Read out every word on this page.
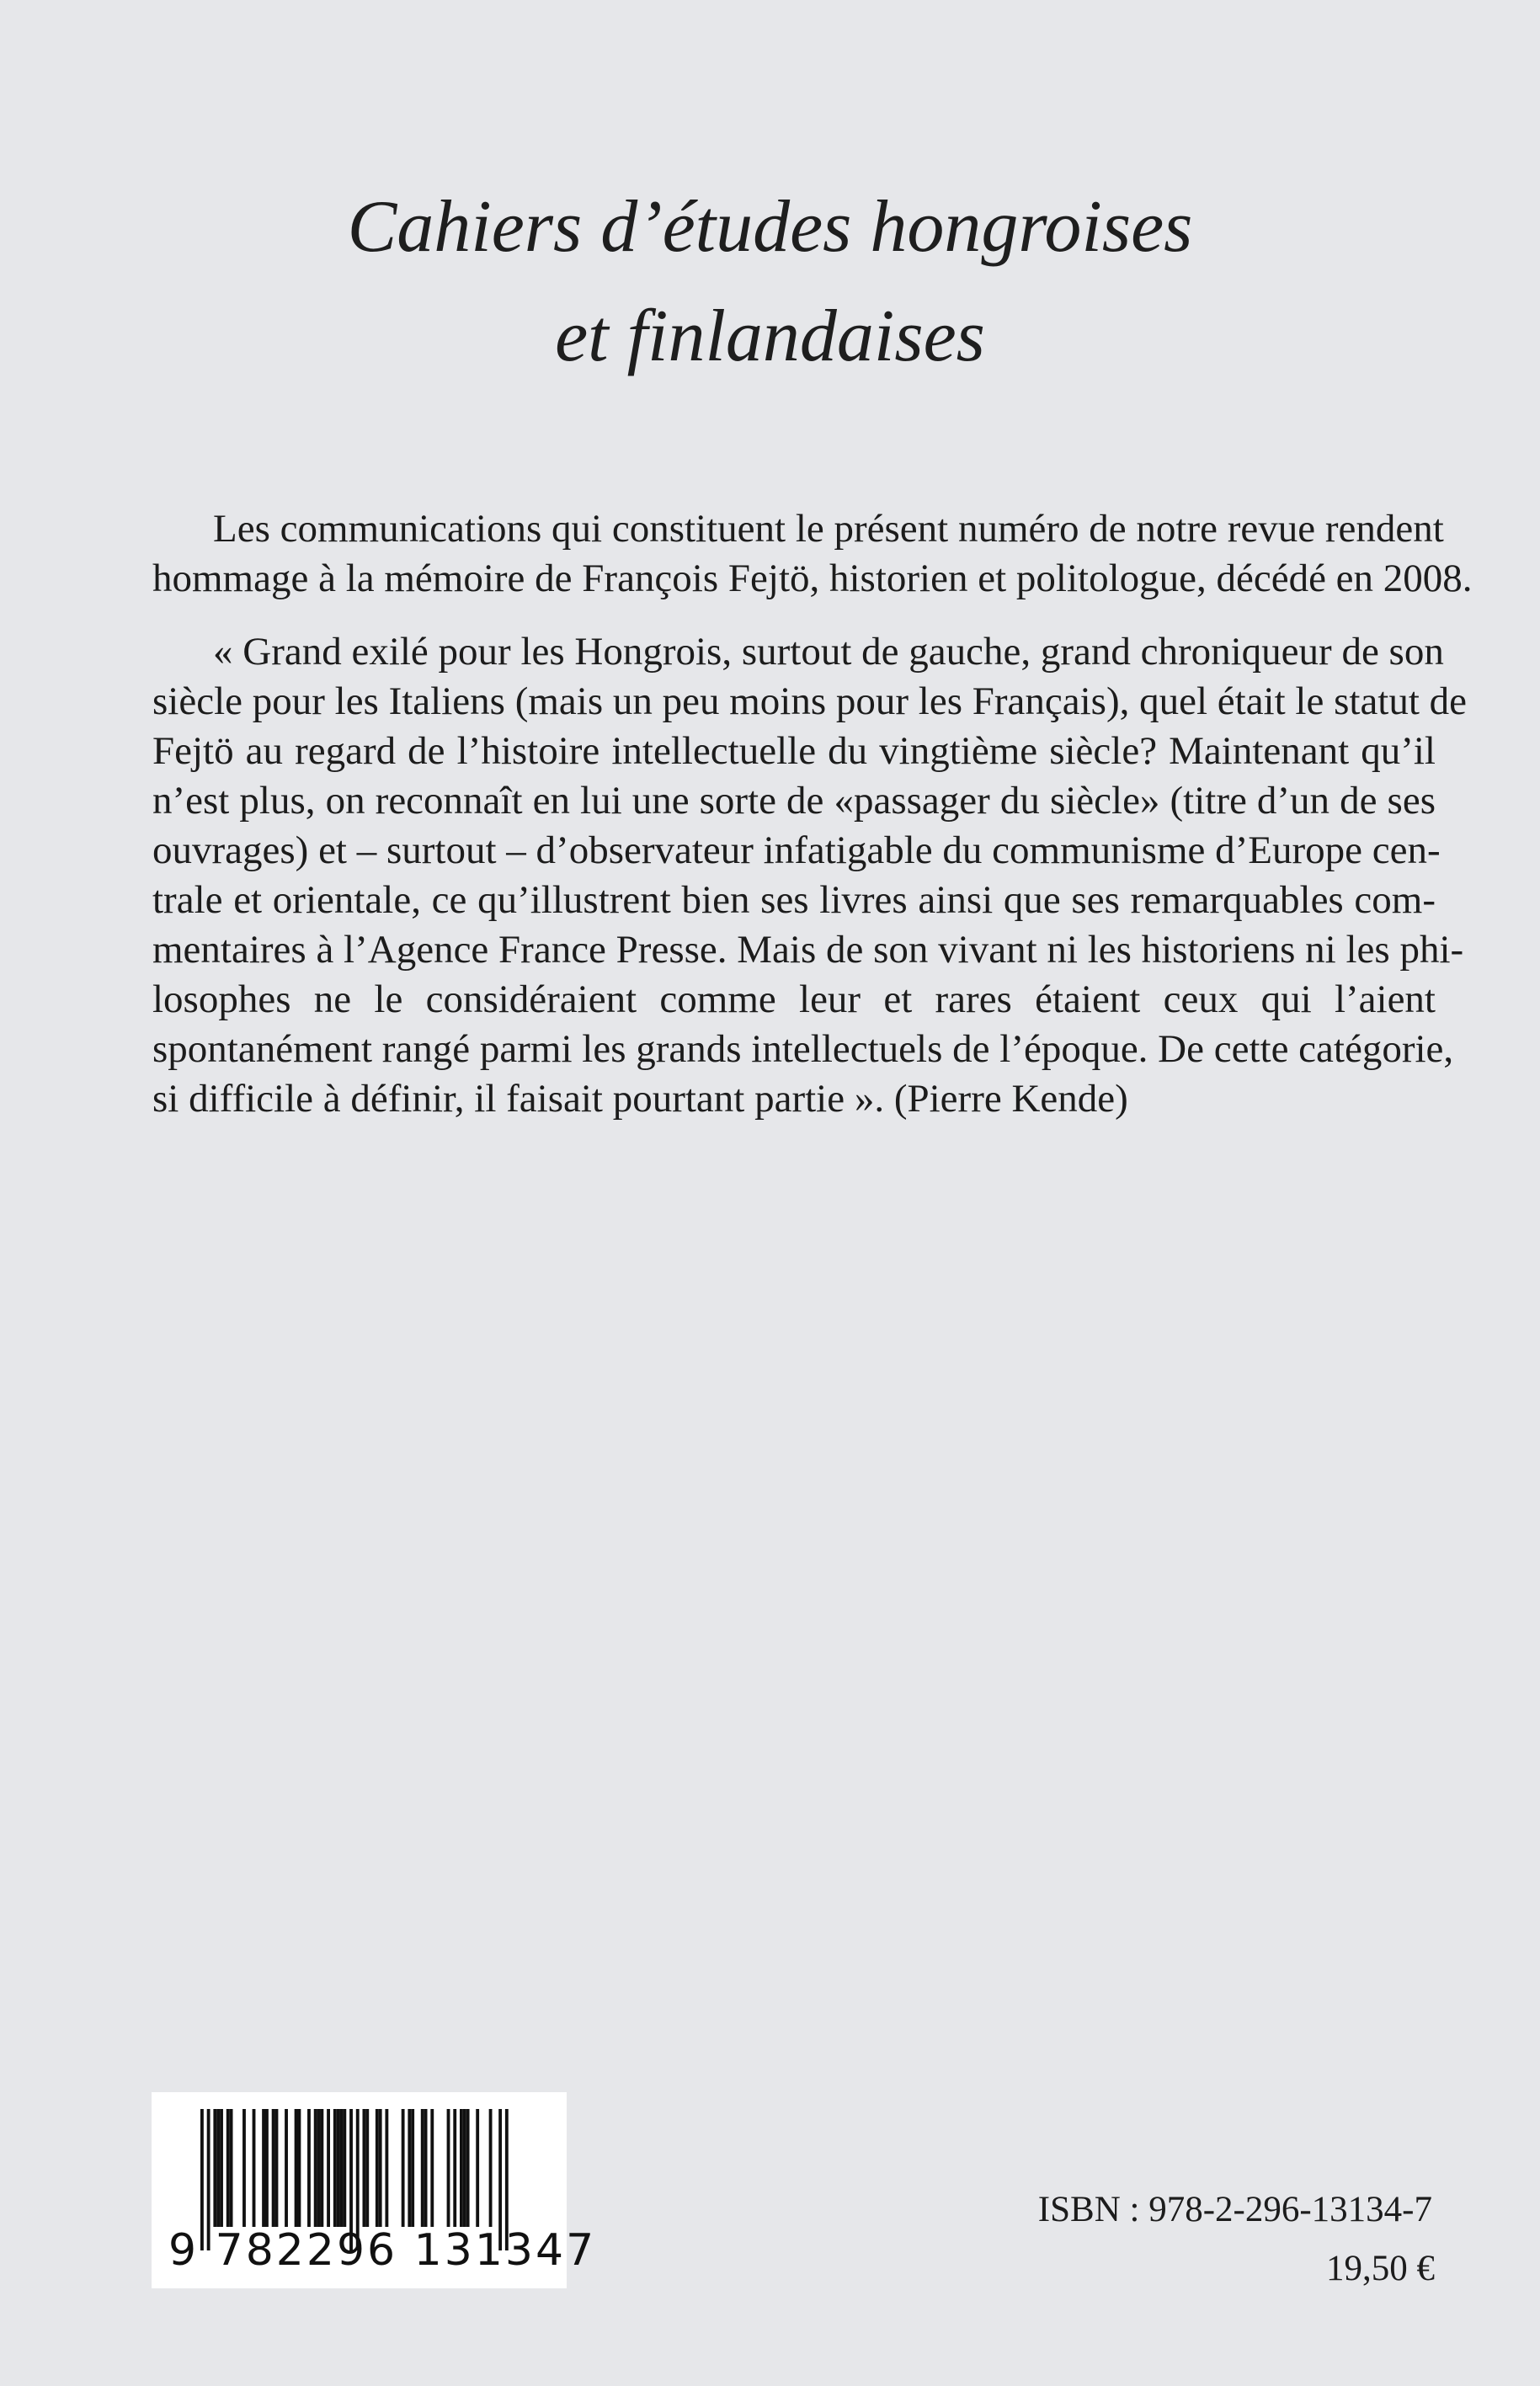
Cahiers d’études hongroises
et finlandaises
Les communications qui constituent le présent numéro de notre revue rendent
hommage à la mémoire de François Fejtö, historien et politologue, décédé en 2008.
« Grand exilé pour les Hongrois, surtout de gauche, grand chroniqueur de son
siècle pour les Italiens (mais un peu moins pour les Français), quel était le statut de
Fejtö au regard de l’histoire intellectuelle du vingtième siècle? Maintenant qu’il
n’est plus, on reconnaît en lui une sorte de «passager du siècle» (titre d’un de ses
ouvrages) et – surtout – d’observateur infatigable du communisme d’Europe cen-
trale et orientale, ce qu’illustrent bien ses livres ainsi que ses remarquables com-
mentaires à l’Agence France Presse. Mais de son vivant ni les historiens ni les phi-
losophes ne le considéraient comme leur et rares étaient ceux qui l’aient
spontanément rangé parmi les grands intellectuels de l’époque. De cette catégorie,
si difficile à définir, il faisait pourtant partie ». (Pierre Kende)
9 782296 131347
ISBN : 978-2-296-13134-7
19,50 €
